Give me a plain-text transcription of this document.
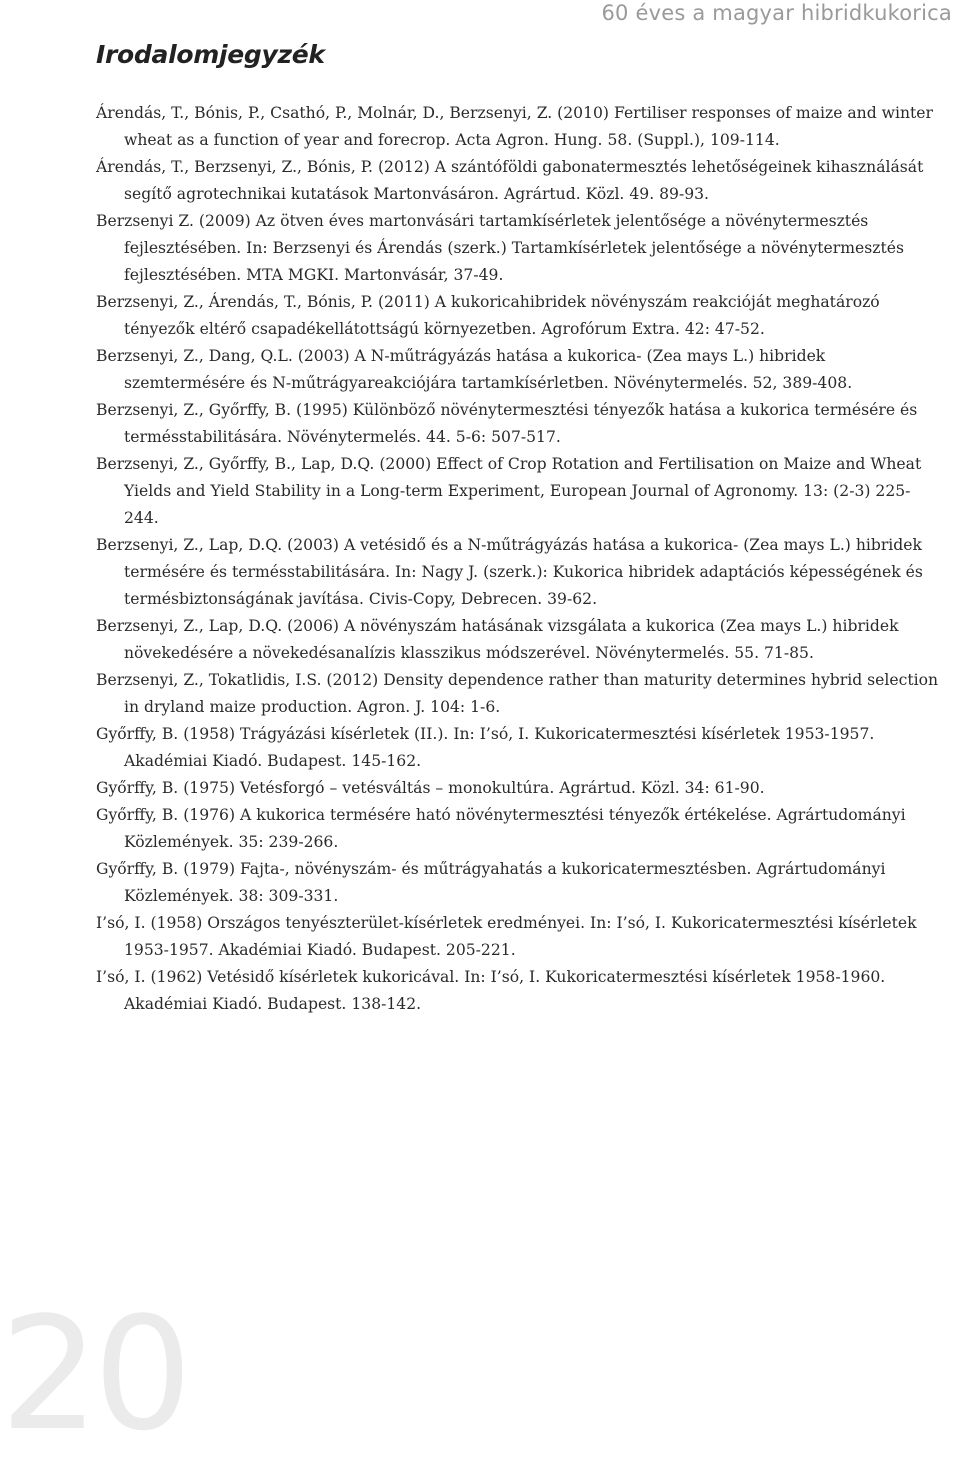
60 éves a magyar hibridkukorica
Irodalomjegyzék
Árendás, T., Bónis, P., Csathó, P., Molnár, D., Berzsenyi, Z. (2010) Fertiliser responses of maize and winter wheat as a function of year and forecrop. Acta Agron. Hung. 58. (Suppl.), 109-114.
Árendás, T., Berzsenyi, Z., Bónis, P. (2012) A szántóföldi gabonatermesztés lehetőségeinek kihasználását segítő agrotechnikai kutatások Martonvásáron. Agrártud. Közl. 49. 89-93.
Berzsenyi Z. (2009) Az ötven éves martonvásári tartamkísérletek jelentősége a növénytermesztés fejlesztésében. In: Berzsenyi és Árendás (szerk.) Tartamkísérletek jelentősége a növénytermesztés fejlesztésében. MTA MGKI. Martonvásár, 37-49.
Berzsenyi, Z., Árendás, T., Bónis, P. (2011) A kukoricahibridek növényszám reakcióját meghatározó tényezők eltérő csapadékellátottságú környezetben. Agrofórum Extra. 42: 47-52.
Berzsenyi, Z., Dang, Q.L. (2003) A N-műtrágyázás hatása a kukorica- (Zea mays L.) hibridek szemtermésére és N-műtrágyareakciójára tartamkísérletben. Növénytermelés. 52, 389-408.
Berzsenyi, Z., Győrffy, B. (1995) Különböző növénytermesztési tényezők hatása a kukorica termésére és termésstabilitására. Növénytermelés. 44. 5-6: 507-517.
Berzsenyi, Z., Győrffy, B., Lap, D.Q. (2000) Effect of Crop Rotation and Fertilisation on Maize and Wheat Yields and Yield Stability in a Long-term Experiment, European Journal of Agronomy. 13: (2-3) 225-244.
Berzsenyi, Z., Lap, D.Q. (2003) A vetésidő és a N-műtrágyázás hatása a kukorica- (Zea mays L.) hibridek termésére és termésstabilitására. In: Nagy J. (szerk.): Kukorica hibridek adaptációs képességének és termésbiztonságának javítása. Civis-Copy, Debrecen. 39-62.
Berzsenyi, Z., Lap, D.Q. (2006) A növényszám hatásának vizsgálata a kukorica (Zea mays L.) hibridek növekedésére a növekedésanalízis klasszikus módszerével. Növénytermelés. 55. 71-85.
Berzsenyi, Z., Tokatlidis, I.S. (2012) Density dependence rather than maturity determines hybrid selection in dryland maize production. Agron. J. 104: 1-6.
Győrffy, B. (1958) Trágyázási kísérletek (II.). In: I’só, I. Kukoricatermesztési kísérletek 1953-1957. Akadémiai Kiadó. Budapest. 145-162.
Győrffy, B. (1975) Vetésforgó – vetésváltás – monokultúra. Agrártud. Közl. 34: 61-90.
Győrffy, B. (1976) A kukorica termésére ható növénytermesztési tényezők értékelése. Agrártudományi Közlemények. 35: 239-266.
Győrffy, B. (1979) Fajta-, növényszám- és műtrágyahatás a kukoricatermesztésben. Agrártudományi Közlemények. 38: 309-331.
I’só, I. (1958) Országos tenyészterület-kísérletek eredményei. In: I’só, I. Kukoricatermesztési kísérletek 1953-1957. Akadémiai Kiadó. Budapest. 205-221.
I’só, I. (1962) Vetésidő kísérletek kukoricával. In: I’só, I. Kukoricatermesztési kísérletek 1958-1960. Akadémiai Kiadó. Budapest. 138-142.
20
